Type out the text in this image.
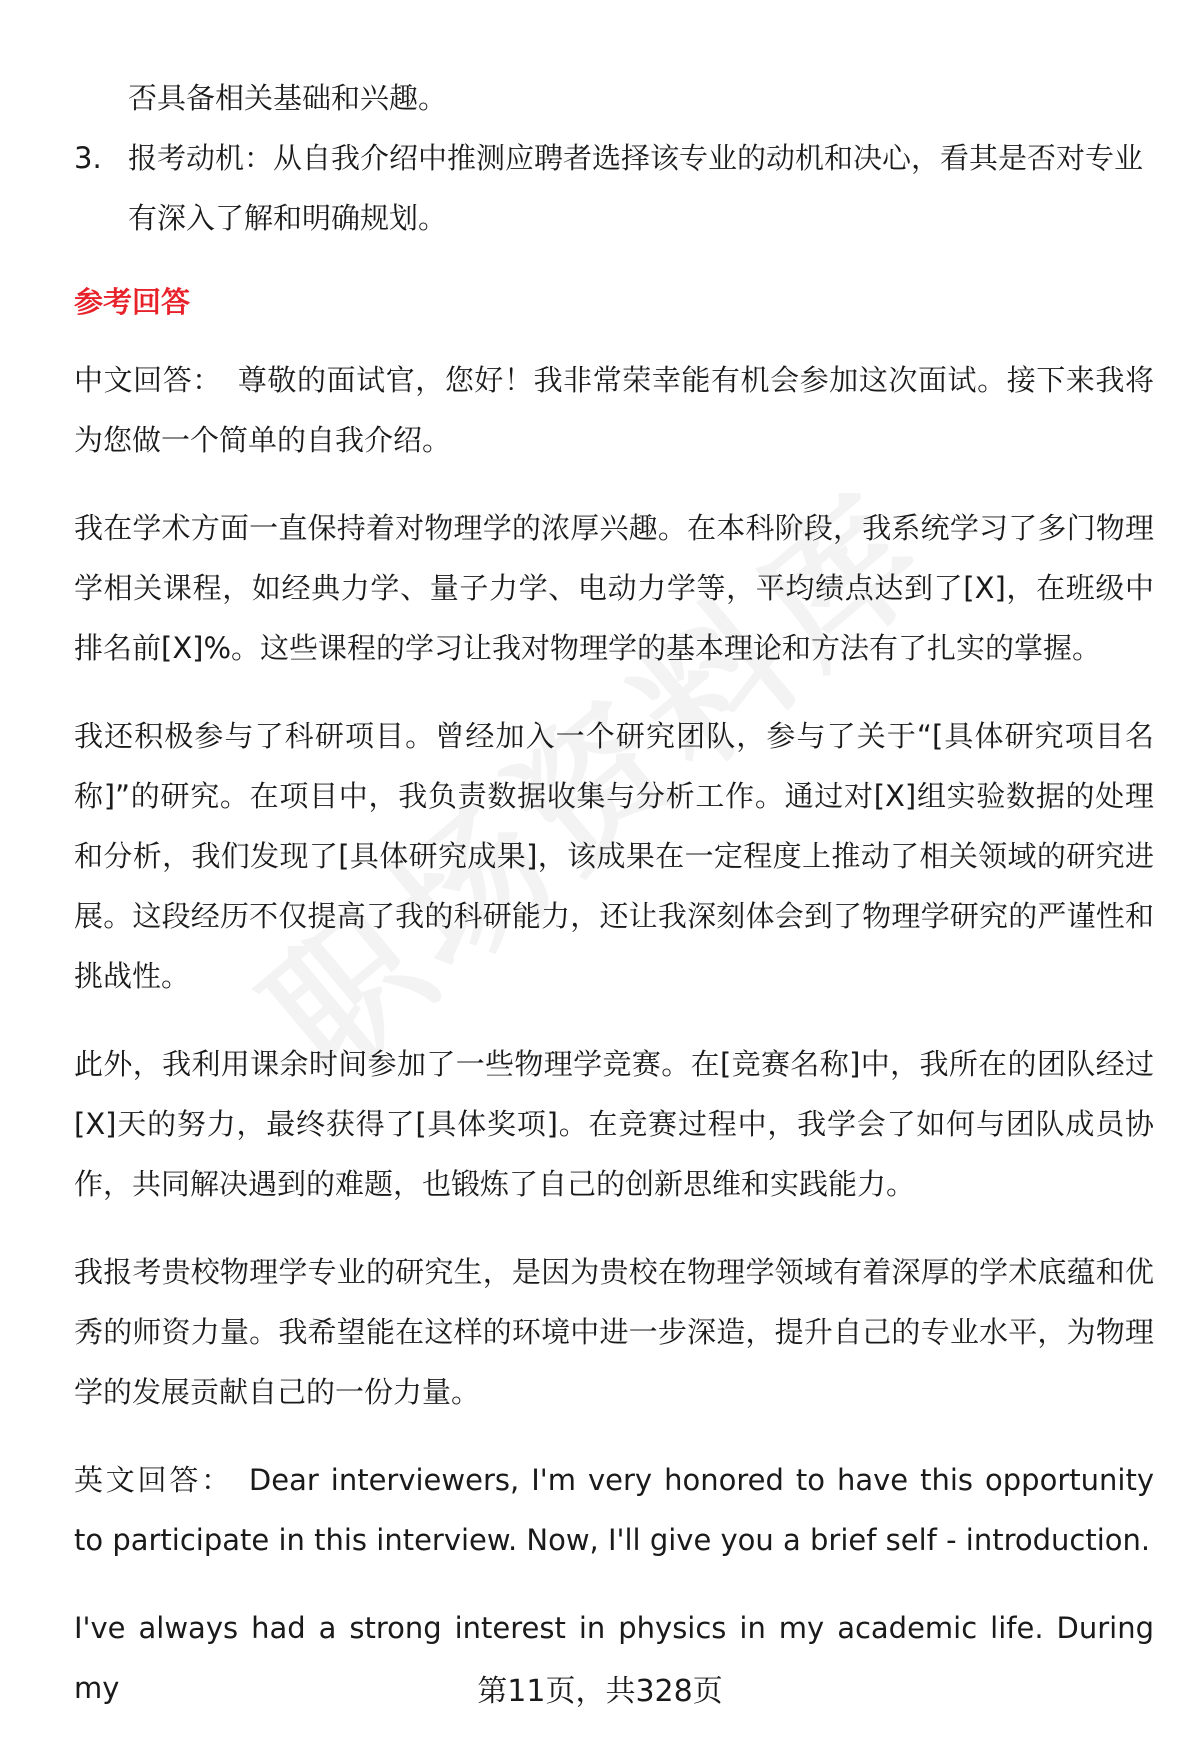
否具备相关基础和兴趣。
3. 报考动机：从自我介绍中推测应聘者选择该专业的动机和决心，看其是否对专业有深入了解和明确规划。
参考回答

中文回答： 尊敬的面试官，您好！我非常荣幸能有机会参加这次面试。接下来我将为您做一个简单的自我介绍。

我在学术方面一直保持着对物理学的浓厚兴趣。在本科阶段，我系统学习了多门物理学相关课程，如经典力学、量子力学、电动力学等，平均绩点达到了[X]，在班级中排名前[X]%。这些课程的学习让我对物理学的基本理论和方法有了扎实的掌握。

我还积极参与了科研项目。曾经加入一个研究团队，参与了关于“[具体研究项目名称]”的研究。在项目中，我负责数据收集与分析工作。通过对[X]组实验数据的处理和分析，我们发现了[具体研究成果]，该成果在一定程度上推动了相关领域的研究进展。这段经历不仅提高了我的科研能力，还让我深刻体会到了物理学研究的严谨性和挑战性。

此外，我利用课余时间参加了一些物理学竞赛。在[竞赛名称]中，我所在的团队经过[X]天的努力，最终获得了[具体奖项]。在竞赛过程中，我学会了如何与团队成员协作，共同解决遇到的难题，也锻炼了自己的创新思维和实践能力。

我报考贵校物理学专业的研究生，是因为贵校在物理学领域有着深厚的学术底蕴和优秀的师资力量。我希望能在这样的环境中进一步深造，提升自己的专业水平，为物理学的发展贡献自己的一份力量。

英文回答： Dear interviewers, I'm very honored to have this opportunity to participate in this interview. Now, I'll give you a brief self - introduction.

I've always had a strong interest in physics in my academic life. During my	第11页，共328页
